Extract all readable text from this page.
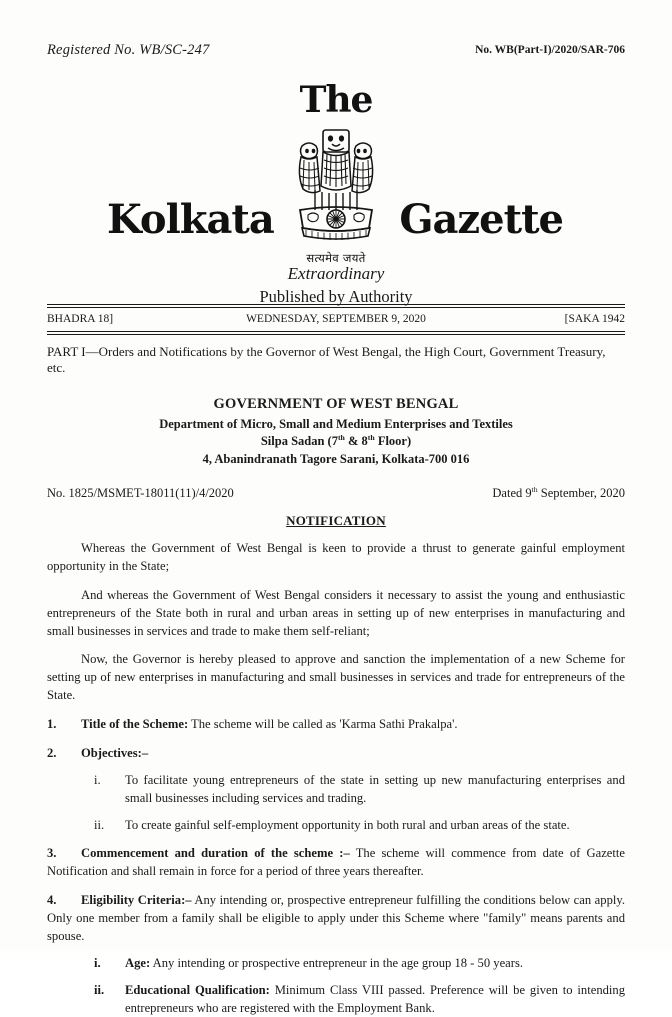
Registered No. WB/SC-247	No. WB(Part-I)/2020/SAR-706
The
सत्यमेव जयते
Kolkata	Gazette
Extraordinary
Published by Authority
BHADRA 18]	WEDNESDAY, SEPTEMBER 9, 2020	[SAKA 1942
PART I—Orders and Notifications by the Governor of West Bengal, the High Court, Government Treasury, etc.
GOVERNMENT OF WEST BENGAL
Department of Micro, Small and Medium Enterprises and Textiles
Silpa Sadan (7th & 8th Floor)
4, Abanindranath Tagore Sarani, Kolkata-700 016
No. 1825/MSMET-18011(11)/4/2020	Dated 9th September, 2020
NOTIFICATION

Whereas the Government of West Bengal is keen to provide a thrust to generate gainful employment opportunity in the State;

And whereas the Government of West Bengal considers it necessary to assist the young and enthusiastic entrepreneurs of the State both in rural and urban areas in setting up of new enterprises in manufacturing and small businesses in services and trade to make them self-reliant;

Now, the Governor is hereby pleased to approve and sanction the implementation of a new Scheme for setting up of new enterprises in manufacturing and small businesses in services and trade for entrepreneurs of the State.

1.	Title of the Scheme: The scheme will be called as 'Karma Sathi Prakalpa'.
2.	Objectives:–
i.	To facilitate young entrepreneurs of the state in setting up new manufacturing enterprises and small businesses including services and trading.
ii.	To create gainful self-employment opportunity in both rural and urban areas of the state.
3.	Commencement and duration of the scheme :– The scheme will commence from date of Gazette Notification and shall remain in force for a period of three years thereafter.
4.	Eligibility Criteria:– Any intending or, prospective entrepreneur fulfilling the conditions below can apply. Only one member from a family shall be eligible to apply under this Scheme where "family" means parents and spouse.
i.	Age: Any intending or prospective entrepreneur in the age group 18 - 50 years.
ii.	Educational Qualification: Minimum Class VIII passed. Preference will be given to intending entrepreneurs who are registered with the Employment Bank.
